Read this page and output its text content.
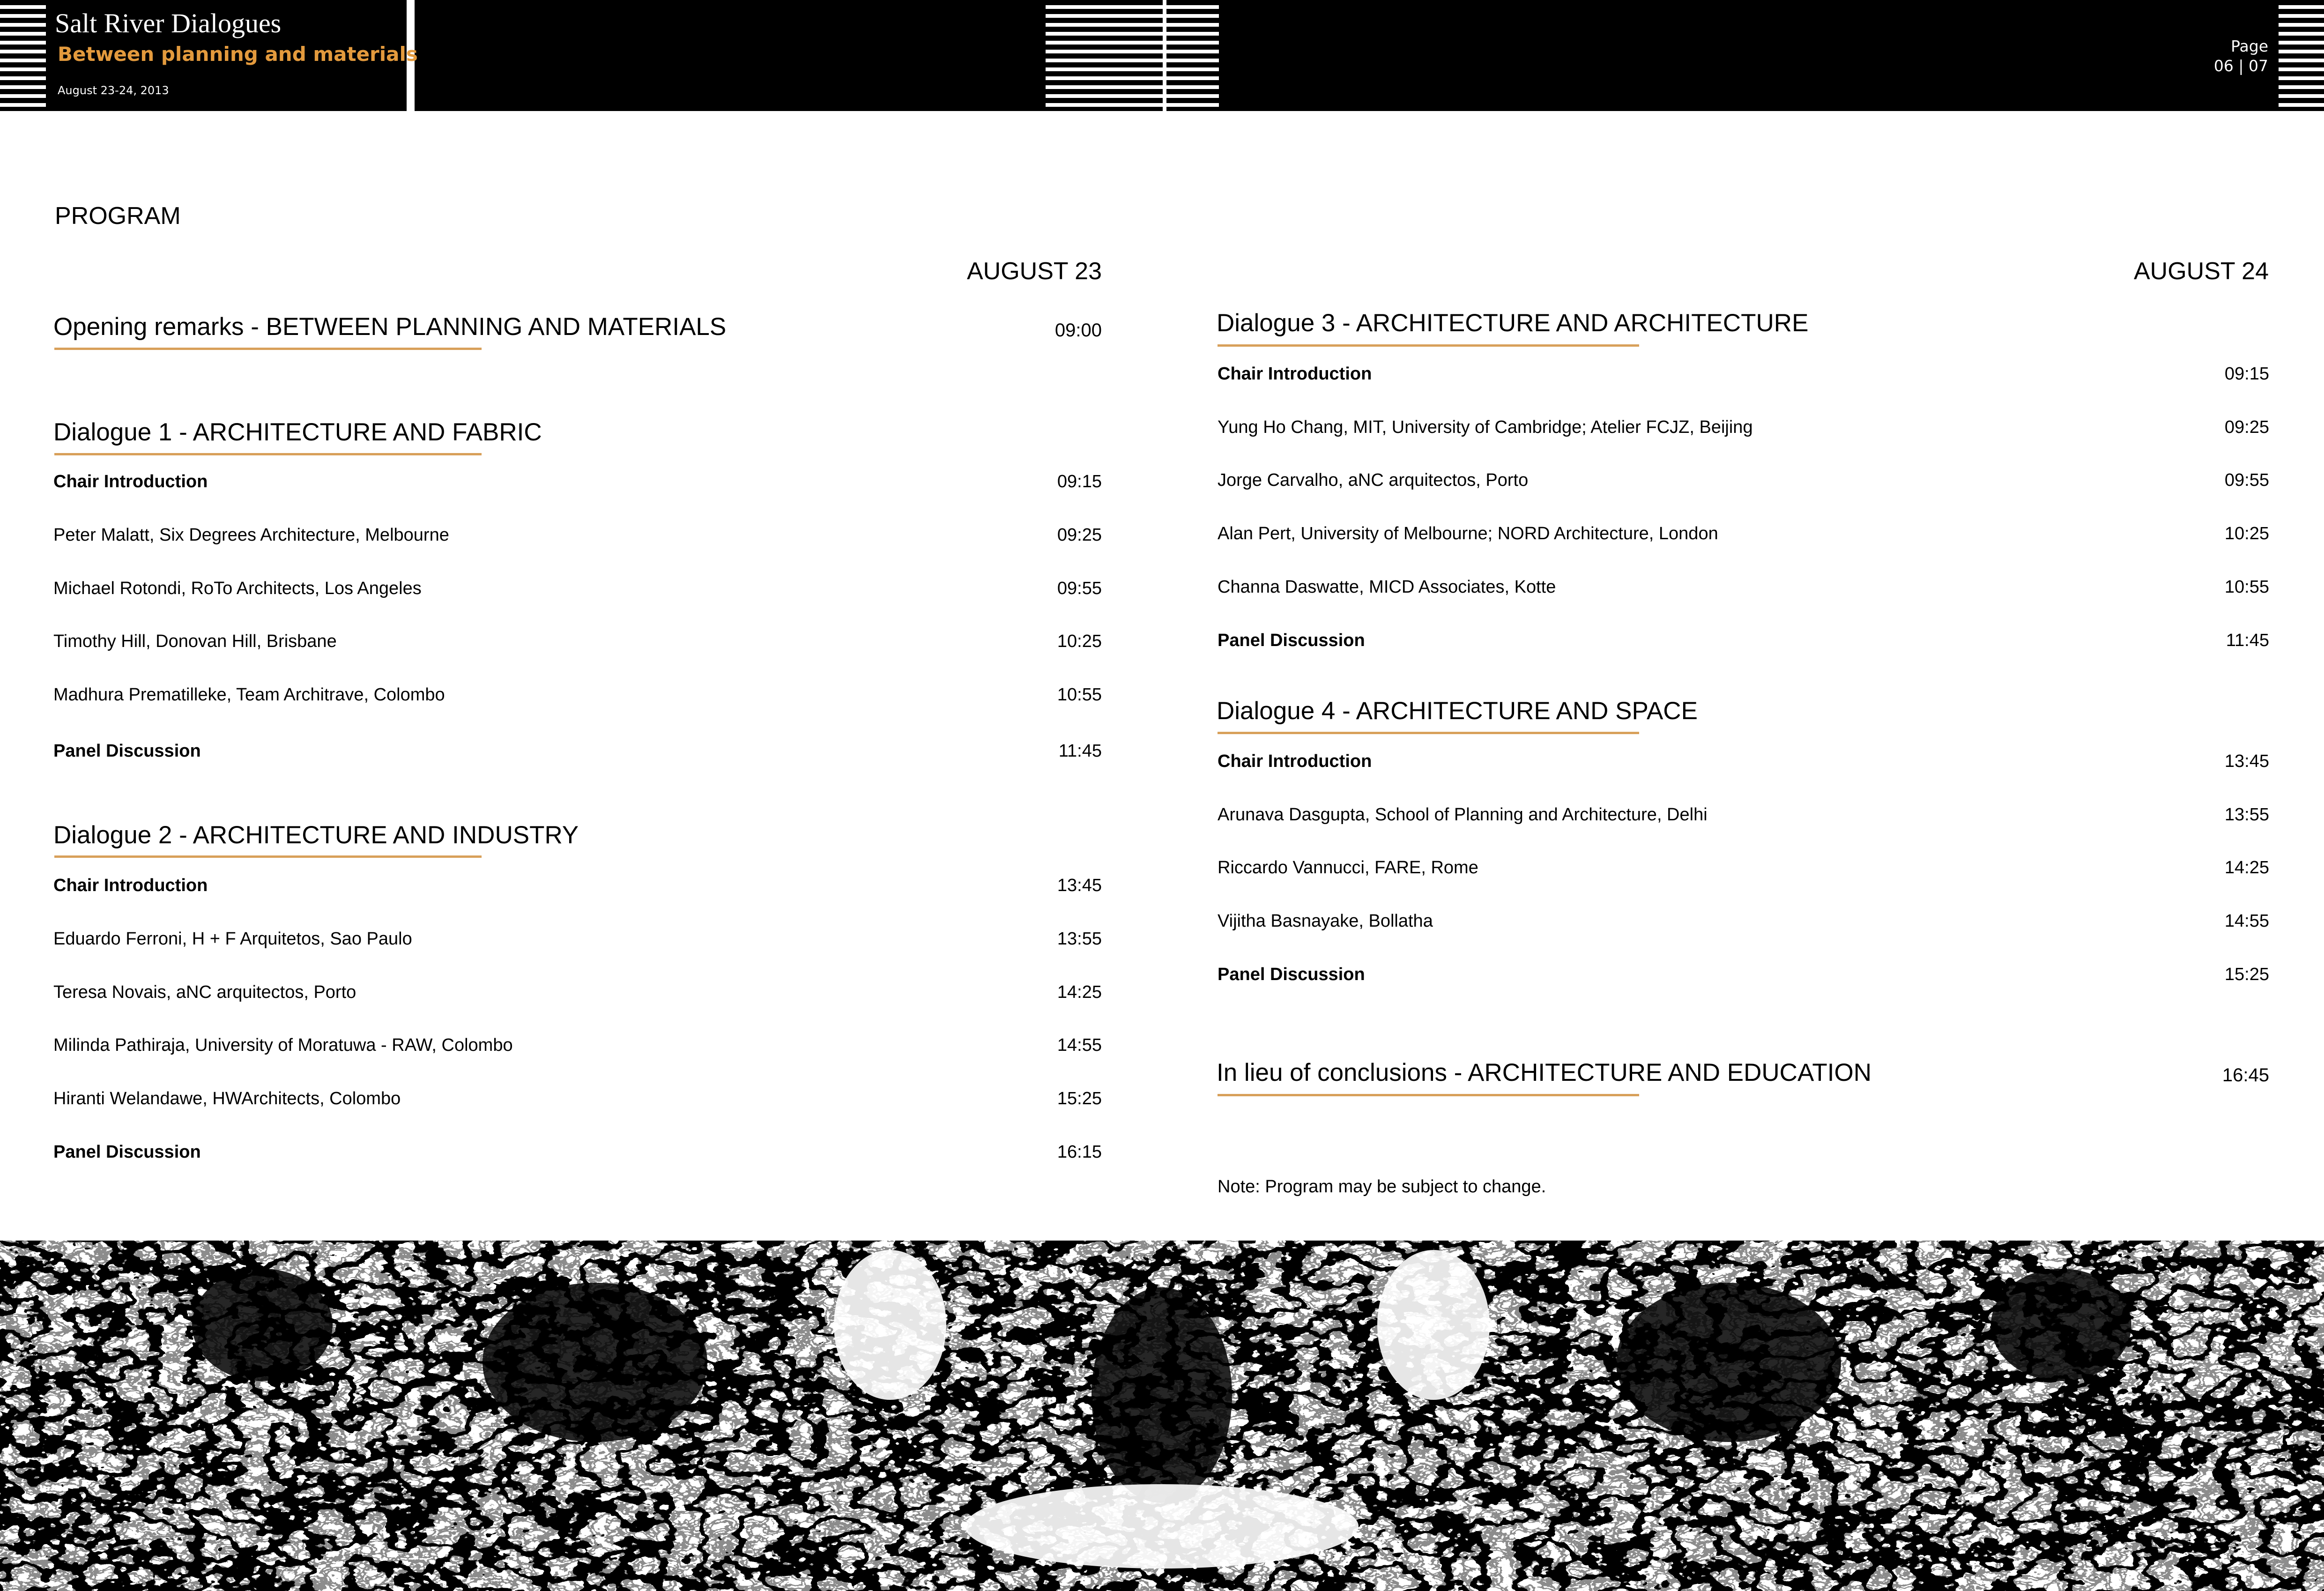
Salt River Dialogues
Between planning and materials
August 23-24, 2013
Page
06 | 07
PROGRAM
AUGUST 23
Opening remarks - BETWEEN PLANNING AND MATERIALS	09:00
Dialogue 1 - ARCHITECTURE AND FABRIC
Chair Introduction	09:15
Peter Malatt, Six Degrees Architecture, Melbourne	09:25
Michael Rotondi, RoTo Architects, Los Angeles	09:55
Timothy Hill, Donovan Hill, Brisbane	10:25
Madhura Prematilleke, Team Architrave, Colombo	10:55
Panel Discussion	11:45
Dialogue 2 - ARCHITECTURE AND INDUSTRY
Chair Introduction	13:45
Eduardo Ferroni, H + F Arquitetos, Sao Paulo	13:55
Teresa Novais, aNC arquitectos, Porto	14:25
Milinda Pathiraja, University of Moratuwa - RAW, Colombo	14:55
Hiranti Welandawe, HWArchitects, Colombo	15:25
Panel Discussion	16:15
AUGUST 24
Dialogue 3 - ARCHITECTURE AND ARCHITECTURE
Chair Introduction	09:15
Yung Ho Chang, MIT, University of Cambridge; Atelier FCJZ, Beijing	09:25
Jorge Carvalho, aNC arquitectos, Porto	09:55
Alan Pert, University of Melbourne; NORD Architecture, London	10:25
Channa Daswatte, MICD Associates, Kotte	10:55
Panel Discussion	11:45
Dialogue 4 - ARCHITECTURE AND SPACE
Chair Introduction	13:45
Arunava Dasgupta, School of Planning and Architecture, Delhi	13:55
Riccardo Vannucci, FARE, Rome	14:25
Vijitha Basnayake, Bollatha	14:55
Panel Discussion	15:25
In lieu of conclusions - ARCHITECTURE AND EDUCATION	16:45
Note: Program may be subject to change.
